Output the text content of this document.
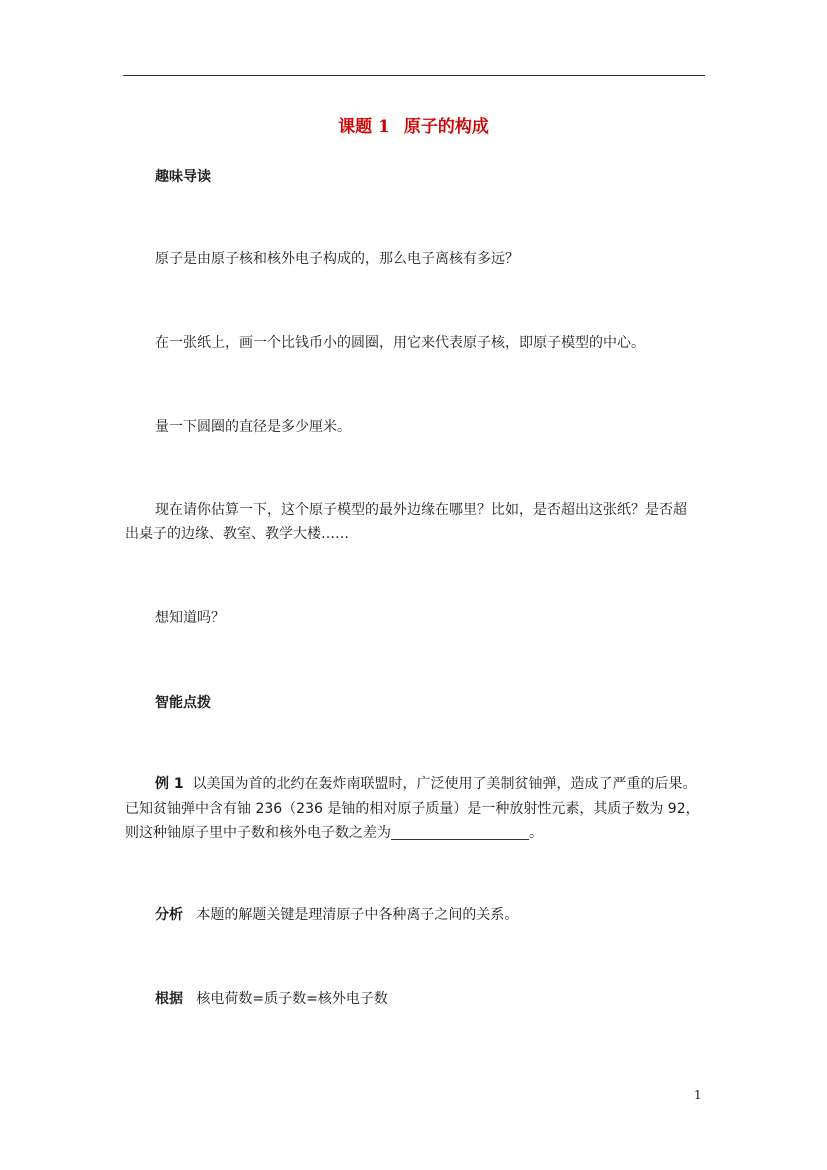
课题 1 原子的构成
趣味导读
原子是由原子核和核外电子构成的，那么电子离核有多远？
在一张纸上，画一个比钱币小的圆圈，用它来代表原子核，即原子模型的中心。
量一下圆圈的直径是多少厘米。
现在请你估算一下，这个原子模型的最外边缘在哪里？比如，是否超出这张纸？是否超
出桌子的边缘、教室、教学大楼……
想知道吗？
智能点拨
例 1 以美国为首的北约在轰炸南联盟时，广泛使用了美制贫铀弹，造成了严重的后果。
已知贫铀弹中含有铀 236（236 是铀的相对原子质量）是一种放射性元素，其质子数为 92，
则这种铀原子里中子数和核外电子数之差为	。
分析 本题的解题关键是理清原子中各种离子之间的关系。
根据 核电荷数=质子数=核外电子数
1
